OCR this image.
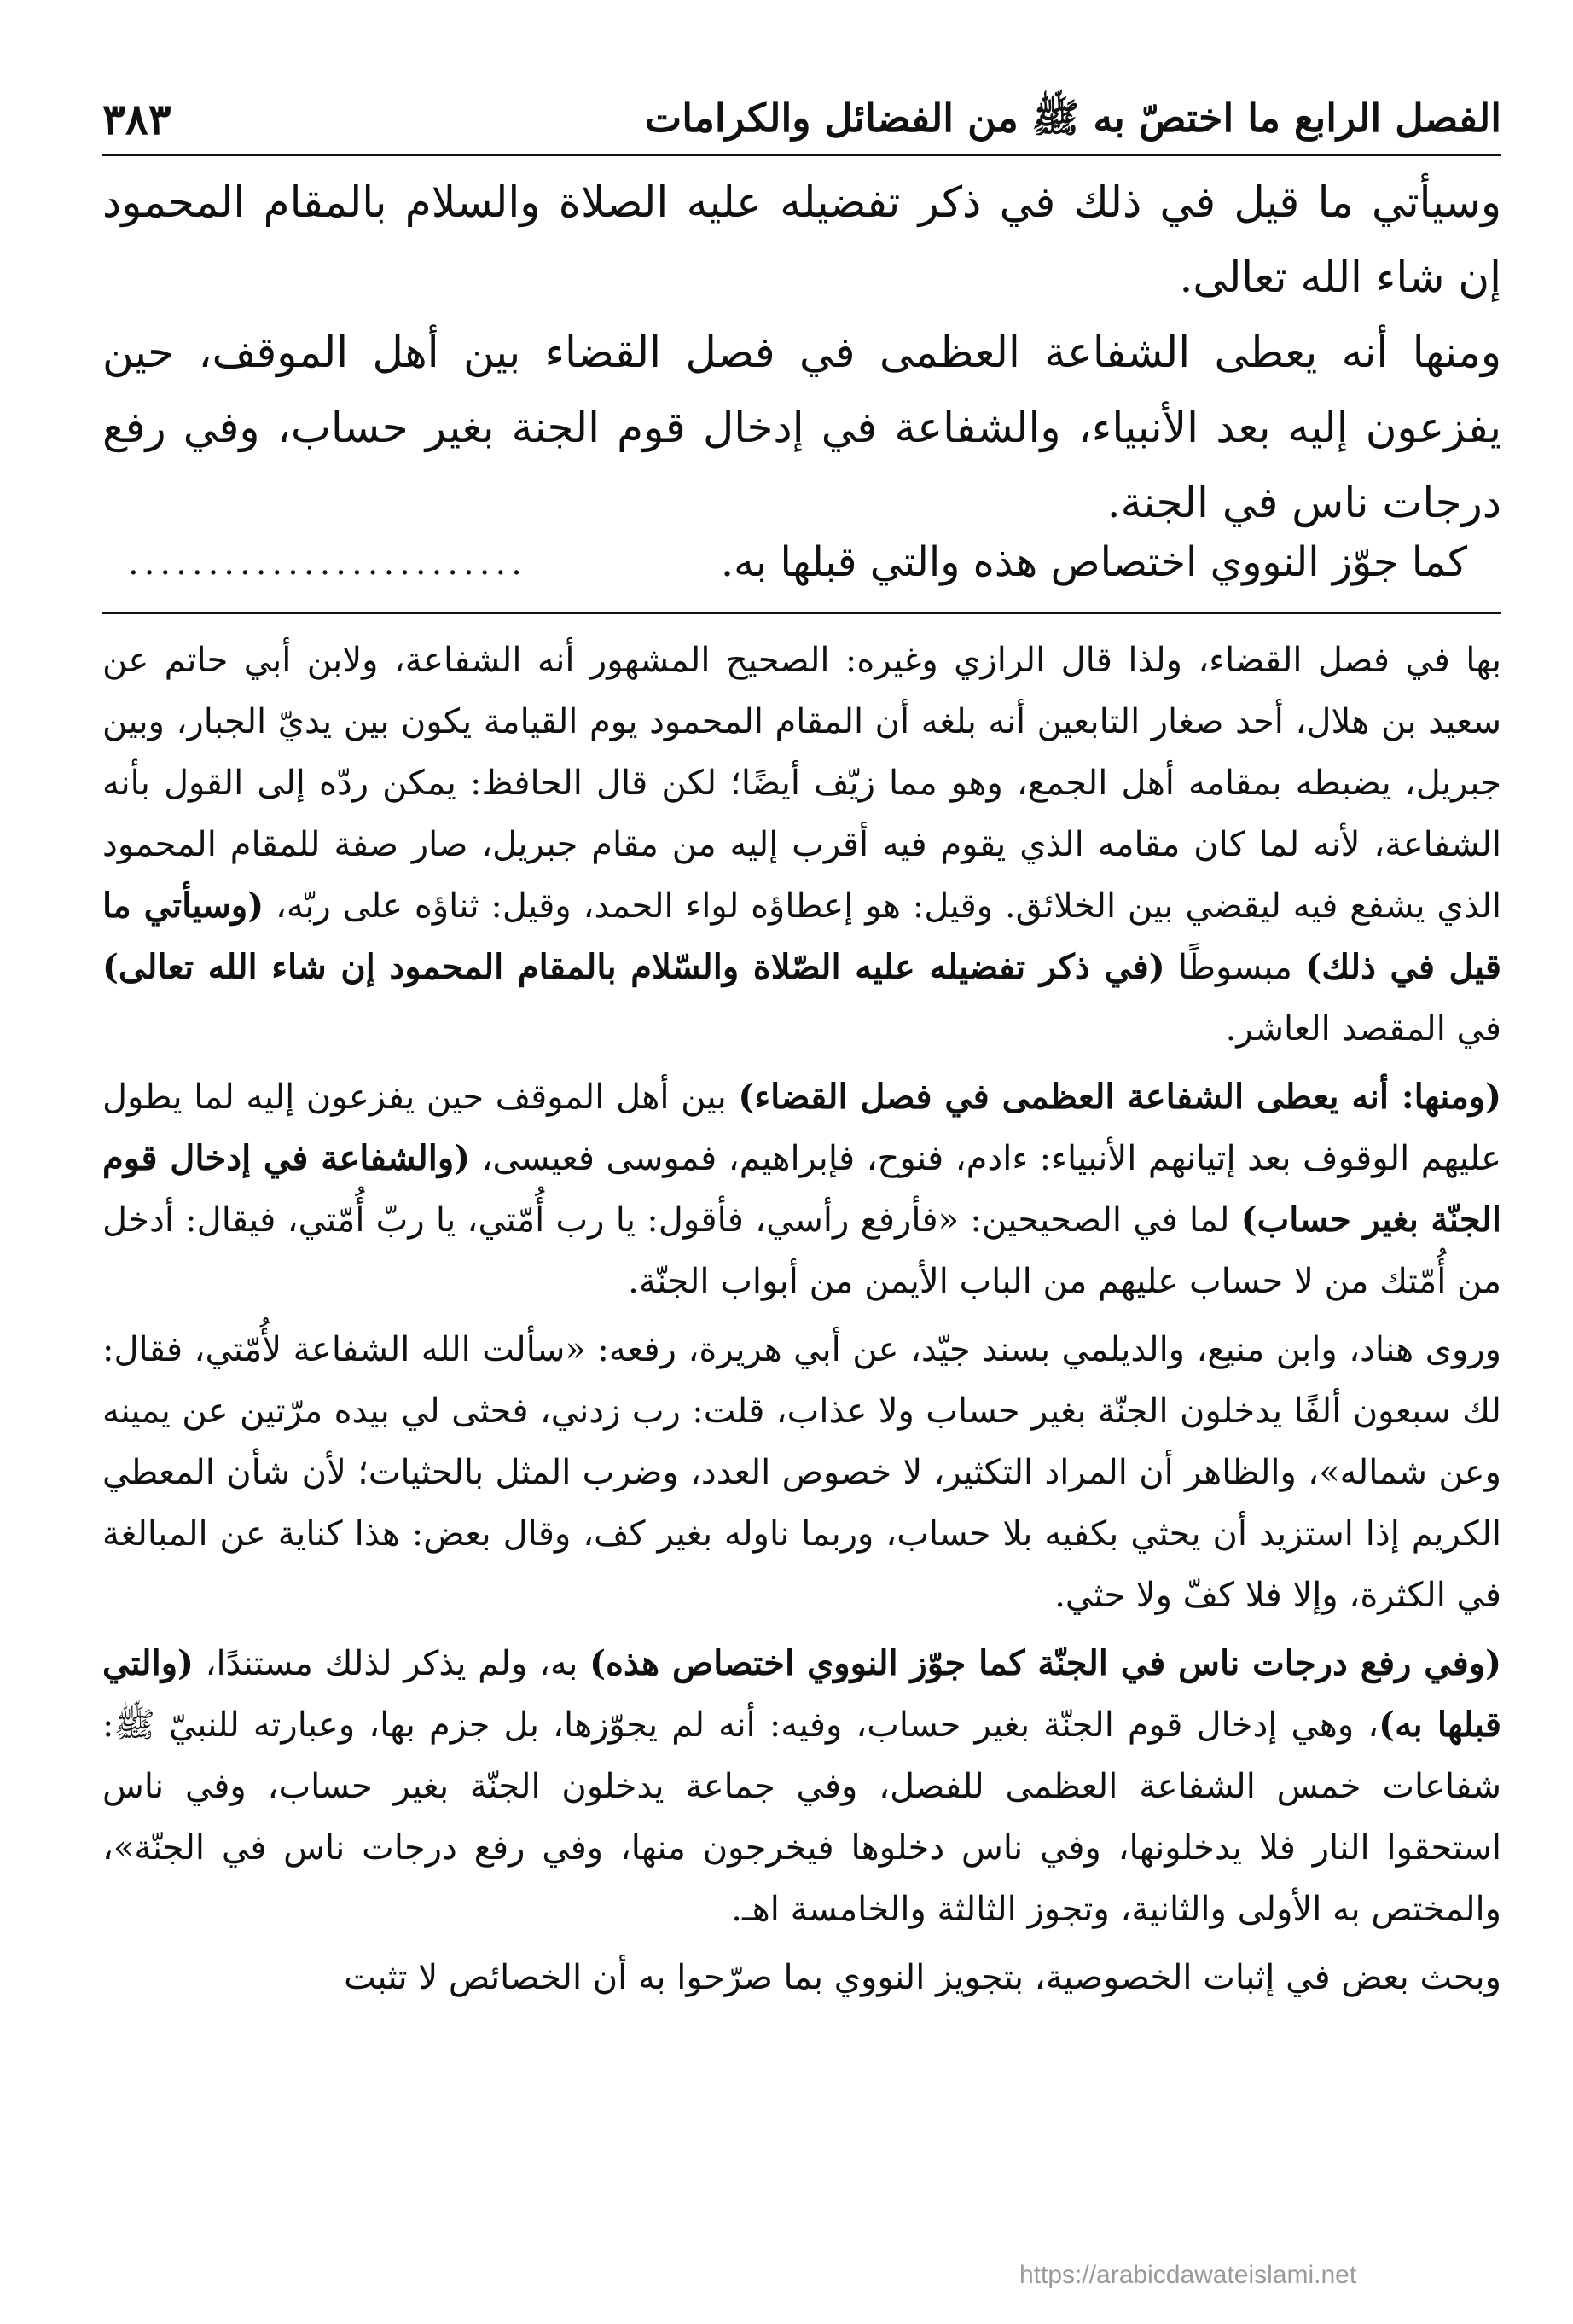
الفصل الرابع ما اختصّ به ﷺ من الفضائل والكرامات
٣٨٣

وسيأتي ما قيل في ذلك في ذكر تفضيله عليه الصلاة والسلام بالمقام المحمود إن شاء الله تعالى.

ومنها أنه يعطى الشفاعة العظمى في فصل القضاء بين أهل الموقف، حين يفزعون إليه بعد الأنبياء، والشفاعة في إدخال قوم الجنة بغير حساب، وفي رفع درجات ناس في الجنة.

كما جوّز النووي اختصاص هذه والتي قبلها به.
.........................

بها في فصل القضاء، ولذا قال الرازي وغيره: الصحيح المشهور أنه الشفاعة، ولابن أبي حاتم عن سعيد بن هلال، أحد صغار التابعين أنه بلغه أن المقام المحمود يوم القيامة يكون بين يديّ الجبار، وبين جبريل، يضبطه بمقامه أهل الجمع، وهو مما زيّف أيضًا؛ لكن قال الحافظ: يمكن ردّه إلى القول بأنه الشفاعة، لأنه لما كان مقامه الذي يقوم فيه أقرب إليه من مقام جبريل، صار صفة للمقام المحمود الذي يشفع فيه ليقضي بين الخلائق. وقيل: هو إعطاؤه لواء الحمد، وقيل: ثناؤه على ربّه، (وسيأتي ما قيل في ذلك) مبسوطًا (في ذكر تفضيله عليه الصّلاة والسّلام بالمقام المحمود إن شاء الله تعالى) في المقصد العاشر.

(ومنها: أنه يعطى الشفاعة العظمى في فصل القضاء) بين أهل الموقف حين يفزعون إليه لما يطول عليهم الوقوف بعد إتيانهم الأنبياء: ءادم، فنوح، فإبراهيم، فموسى فعيسى، (والشفاعة في إدخال قوم الجنّة بغير حساب) لما في الصحيحين: «فأرفع رأسي، فأقول: يا رب أُمّتي، يا ربّ أُمّتي، فيقال: أدخل من أُمّتك من لا حساب عليهم من الباب الأيمن من أبواب الجنّة.

وروى هناد، وابن منيع، والديلمي بسند جيّد، عن أبي هريرة، رفعه: «سألت الله الشفاعة لأُمّتي، فقال: لك سبعون ألفًا يدخلون الجنّة بغير حساب ولا عذاب، قلت: رب زدني، فحثى لي بيده مرّتين عن يمينه وعن شماله»، والظاهر أن المراد التكثير، لا خصوص العدد، وضرب المثل بالحثيات؛ لأن شأن المعطي الكريم إذا استزيد أن يحثي بكفيه بلا حساب، وربما ناوله بغير كف، وقال بعض: هذا كناية عن المبالغة في الكثرة، وإلا فلا كفّ ولا حثي.

(وفي رفع درجات ناس في الجنّة كما جوّز النووي اختصاص هذه) به، ولم يذكر لذلك مستندًا، (والتي قبلها به)، وهي إدخال قوم الجنّة بغير حساب، وفيه: أنه لم يجوّزها، بل جزم بها، وعبارته للنبيّ ﷺ: شفاعات خمس الشفاعة العظمى للفصل، وفي جماعة يدخلون الجنّة بغير حساب، وفي ناس استحقوا النار فلا يدخلونها، وفي ناس دخلوها فيخرجون منها، وفي رفع درجات ناس في الجنّة»، والمختص به الأولى والثانية، وتجوز الثالثة والخامسة اهـ.

وبحث بعض في إثبات الخصوصية، بتجويز النووي بما صرّحوا به أن الخصائص لا تثبت

https://arabicdawateislami.net
